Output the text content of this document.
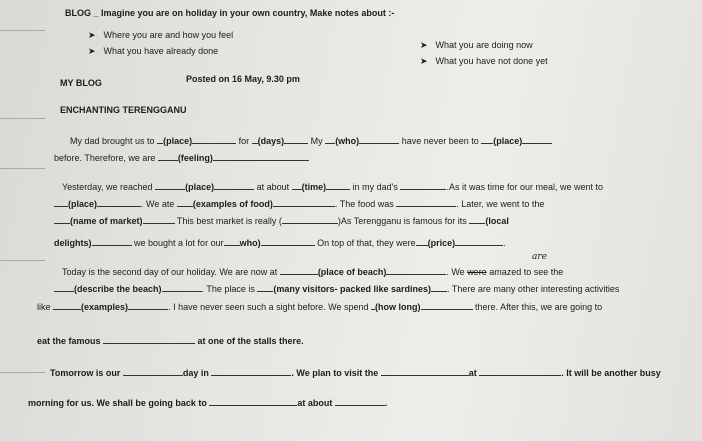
BLOG _ Imagine you are on holiday in your own country, Make notes about :-
➤ Where you are and how you feel
➤ What you have already done
➤ What you are doing now
➤ What you have not done yet
MY BLOG	Posted on 16 May, 9.30 pm
ENCHANTING TERENGGANU
My dad brought us to (place)	for (days)	My (who)	have never been to (place)
before. Therefore, we are	(feeling)
Yesterday, we reached	(place)	at about (time)	in my dad's	.As it was time for our meal, we went to
(place)	. We ate (examples of food)	. The food was	. Later, we went to the
(name of market)	This best market is really (	)As Terengganu is famous for its (local
delights)	we bought a lot for our who)	On top of that, they were (price)	.
are
Today is the second day of our holiday. We are now at	(place of beach)	. We were amazed to see the
(describe the beach)	. The place is (many visitors- packed like sardines) . There are many other interesting activities
like	(examples)	. I have never seen such a sight before. We spend (how long)	there. After this, we are going to
eat the famous	at one of the stalls there.
Tomorrow is our	day in	. We plan to visit the	at	. It will be another busy
morning for us. We shall be going back to	at about	.
